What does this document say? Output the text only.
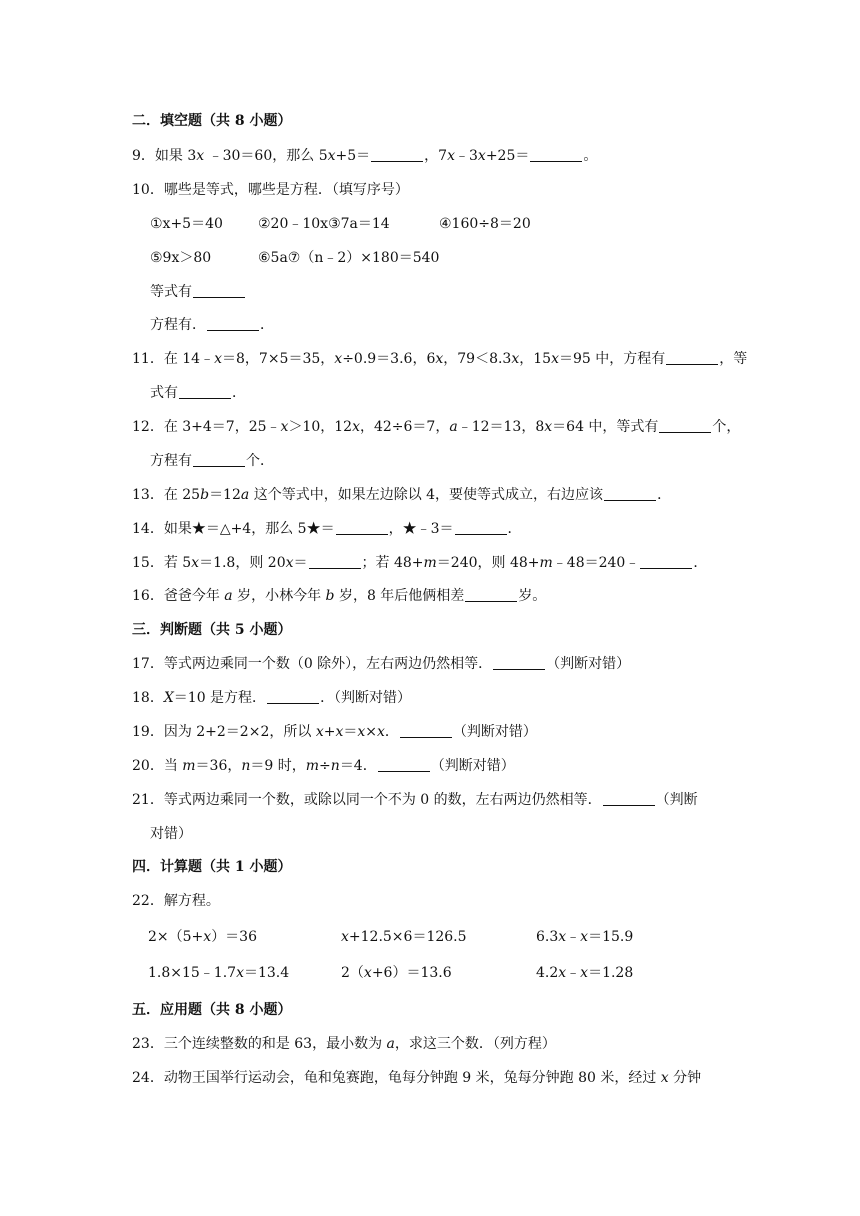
二．填空题（共 8 小题）
9．如果 3x ﹣30＝60，那么 5x+5＝	，7x﹣3x+25＝	。
10．哪些是等式，哪些是方程．（填写序号）
①x+5＝40	②20﹣10x③7a＝14	④160÷8＝20
⑤9x＞80	⑥5a⑦（n﹣2）×180＝540
等式有
方程有．	．
11．在 14﹣x＝8，7×5＝35，x÷0.9＝3.6，6x，79＜8.3x，15x＝95 中，方程有	，等
式有	．
12．在 3+4＝7，25﹣x＞10，12x，42÷6＝7，a﹣12＝13，8x＝64 中，等式有	个，
方程有	个．
13．在 25b＝12a 这个等式中，如果左边除以 4，要使等式成立，右边应该	．
14．如果★＝△+4，那么 5★＝	，★﹣3＝	．
15．若 5x＝1.8，则 20x＝	；若 48+m＝240，则 48+m﹣48＝240﹣	．
16．爸爸今年 a 岁，小林今年 b 岁，8 年后他俩相差	岁。
三．判断题（共 5 小题）
17．等式两边乘同一个数（0 除外），左右两边仍然相等．	（判断对错）
18．X＝10 是方程．	．（判断对错）
19．因为 2+2＝2×2，所以 x+x＝x×x．	（判断对错）
20．当 m＝36，n＝9 时，m÷n＝4．	（判断对错）
21．等式两边乘同一个数，或除以同一个不为 0 的数，左右两边仍然相等．	（判断
对错）
四．计算题（共 1 小题）
22．解方程。
2×（5+x）＝36	x+12.5×6＝126.5	6.3x﹣x＝15.9
1.8×15﹣1.7x＝13.4	2（x+6）＝13.6	4.2x﹣x＝1.28
五．应用题（共 8 小题）
23．三个连续整数的和是 63，最小数为 a，求这三个数．（列方程）
24．动物王国举行运动会，龟和兔赛跑，龟每分钟跑 9 米，兔每分钟跑 80 米，经过 x 分钟
